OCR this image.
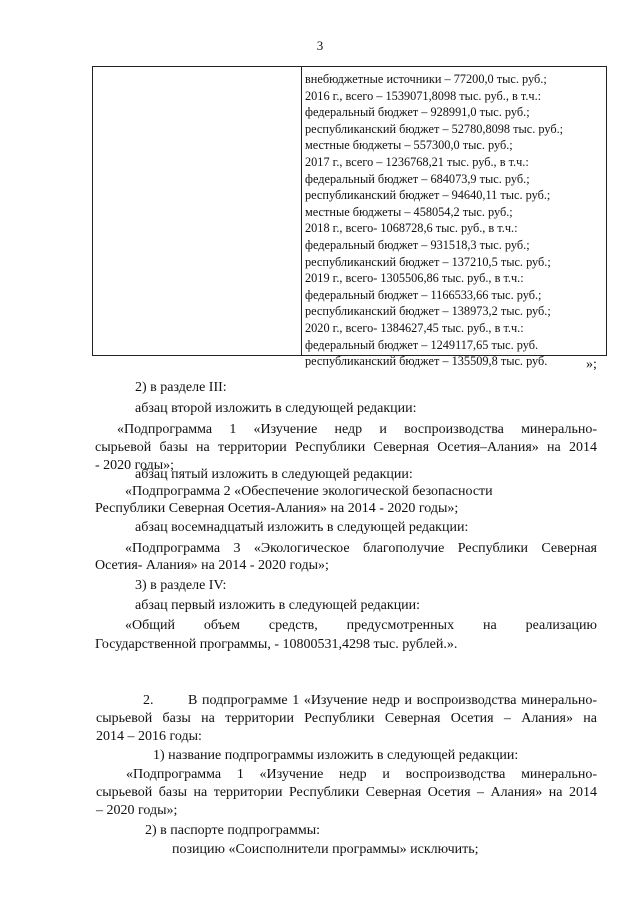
3
внебюджетные источники – 77200,0 тыс. руб.;
2016 г., всего – 1539071,8098 тыс. руб., в т.ч.:
федеральный бюджет – 928991,0 тыс. руб.;
республиканский бюджет – 52780,8098 тыс. руб.;
местные бюджеты – 557300,0 тыс. руб.;
2017 г., всего – 1236768,21 тыс. руб., в т.ч.:
федеральный бюджет – 684073,9 тыс. руб.;
республиканский бюджет – 94640,11 тыс. руб.;
местные бюджеты – 458054,2 тыс. руб.;
2018 г., всего- 1068728,6 тыс. руб., в т.ч.:
федеральный бюджет – 931518,3 тыс. руб.;
республиканский бюджет – 137210,5 тыс. руб.;
2019 г., всего- 1305506,86 тыс. руб., в т.ч.:
федеральный бюджет – 1166533,66 тыс. руб.;
республиканский бюджет – 138973,2 тыс. руб.;
2020 г., всего- 1384627,45 тыс. руб., в т.ч.:
федеральный бюджет – 1249117,65 тыс. руб.
республиканский бюджет – 135509,8 тыс. руб.	»;
2) в разделе III:
абзац второй изложить в следующей редакции:
«Подпрограмма 1 «Изучение недр и воспроизводства минерально-
сырьевой базы на территории Республики Северная Осетия–Алания» на 2014
- 2020 годы»;
абзац пятый изложить в следующей редакции:
«Подпрограмма 2 «Обеспечение экологической безопасности
Республики Северная Осетия-Алания» на 2014 - 2020 годы»;
абзац восемнадцатый изложить в следующей редакции:
«Подпрограмма 3 «Экологическое благополучие Республики Северная
Осетия- Алания» на 2014 - 2020 годы»;
3) в разделе IV:
абзац первый изложить в следующей редакции:
«Общий объем средств, предусмотренных на реализацию
Государственной программы, - 10800531,4298 тыс. рублей.».
2. В подпрограмме 1 «Изучение недр и воспроизводства минерально-
сырьевой базы на территории Республики Северная Осетия – Алания» на
2014 – 2016 годы:
1) название подпрограммы изложить в следующей редакции:
«Подпрограмма 1 «Изучение недр и воспроизводства минерально-
сырьевой базы на территории Республики Северная Осетия – Алания» на 2014
– 2020 годы»;
2) в паспорте подпрограммы:
позицию «Соисполнители программы» исключить;
